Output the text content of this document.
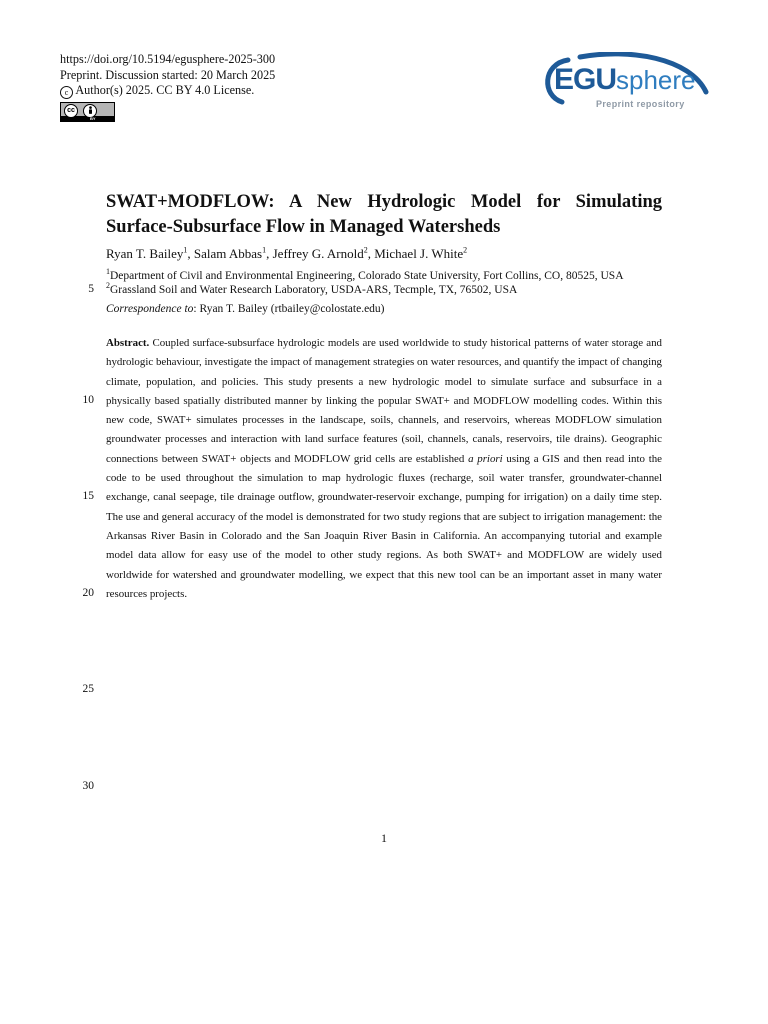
https://doi.org/10.5194/egusphere-2025-300
Preprint. Discussion started: 20 March 2025
c Author(s) 2025. CC BY 4.0 License.
cc
BY
EGUsphere
Preprint repository
SWAT+MODFLOW: A New Hydrologic Model for Simulating Surface-Subsurface Flow in Managed Watersheds
Ryan T. Bailey$^1$, Salam Abbas$^1$, Jeffrey G. Arnold$^2$, Michael J. White$^2$
$^1$Department of Civil and Environmental Engineering, Colorado State University, Fort Collins, CO, 80525, USA
$^2$Grassland Soil and Water Research Laboratory, USDA-ARS, Tecmple, TX, 76502, USA
Correspondence to: Ryan T. Bailey (rtbailey@colostate.edu)
Abstract. Coupled surface-subsurface hydrologic models are used worldwide to study historical patterns of water storage and hydrologic behaviour, investigate the impact of management strategies on water resources, and quantify the impact of changing climate, population, and policies. This study presents a new hydrologic model to simulate surface and subsurface in a physically based spatially distributed manner by linking the popular SWAT+ and MODFLOW modelling codes. Within this new code, SWAT+ simulates processes in the landscape, soils, channels, and reservoirs, whereas MODFLOW simulation groundwater processes and interaction with land surface features (soil, channels, canals, reservoirs, tile drains). Geographic connections between SWAT+ objects and MODFLOW grid cells are established a priori using a GIS and then read into the code to be used throughout the simulation to map hydrologic fluxes (recharge, soil water transfer, groundwater-channel exchange, canal seepage, tile drainage outflow, groundwater-reservoir exchange, pumping for irrigation) on a daily time step. The use and general accuracy of the model is demonstrated for two study regions that are subject to irrigation management: the Arkansas River Basin in Colorado and the San Joaquin River Basin in California. An accompanying tutorial and example model data allow for easy use of the model to other study regions. As both SWAT+ and MODFLOW are widely used worldwide for watershed and groundwater modelling, we expect that this new tool can be an important asset in many water resources projects.
5
10
15
20
25
30
1
